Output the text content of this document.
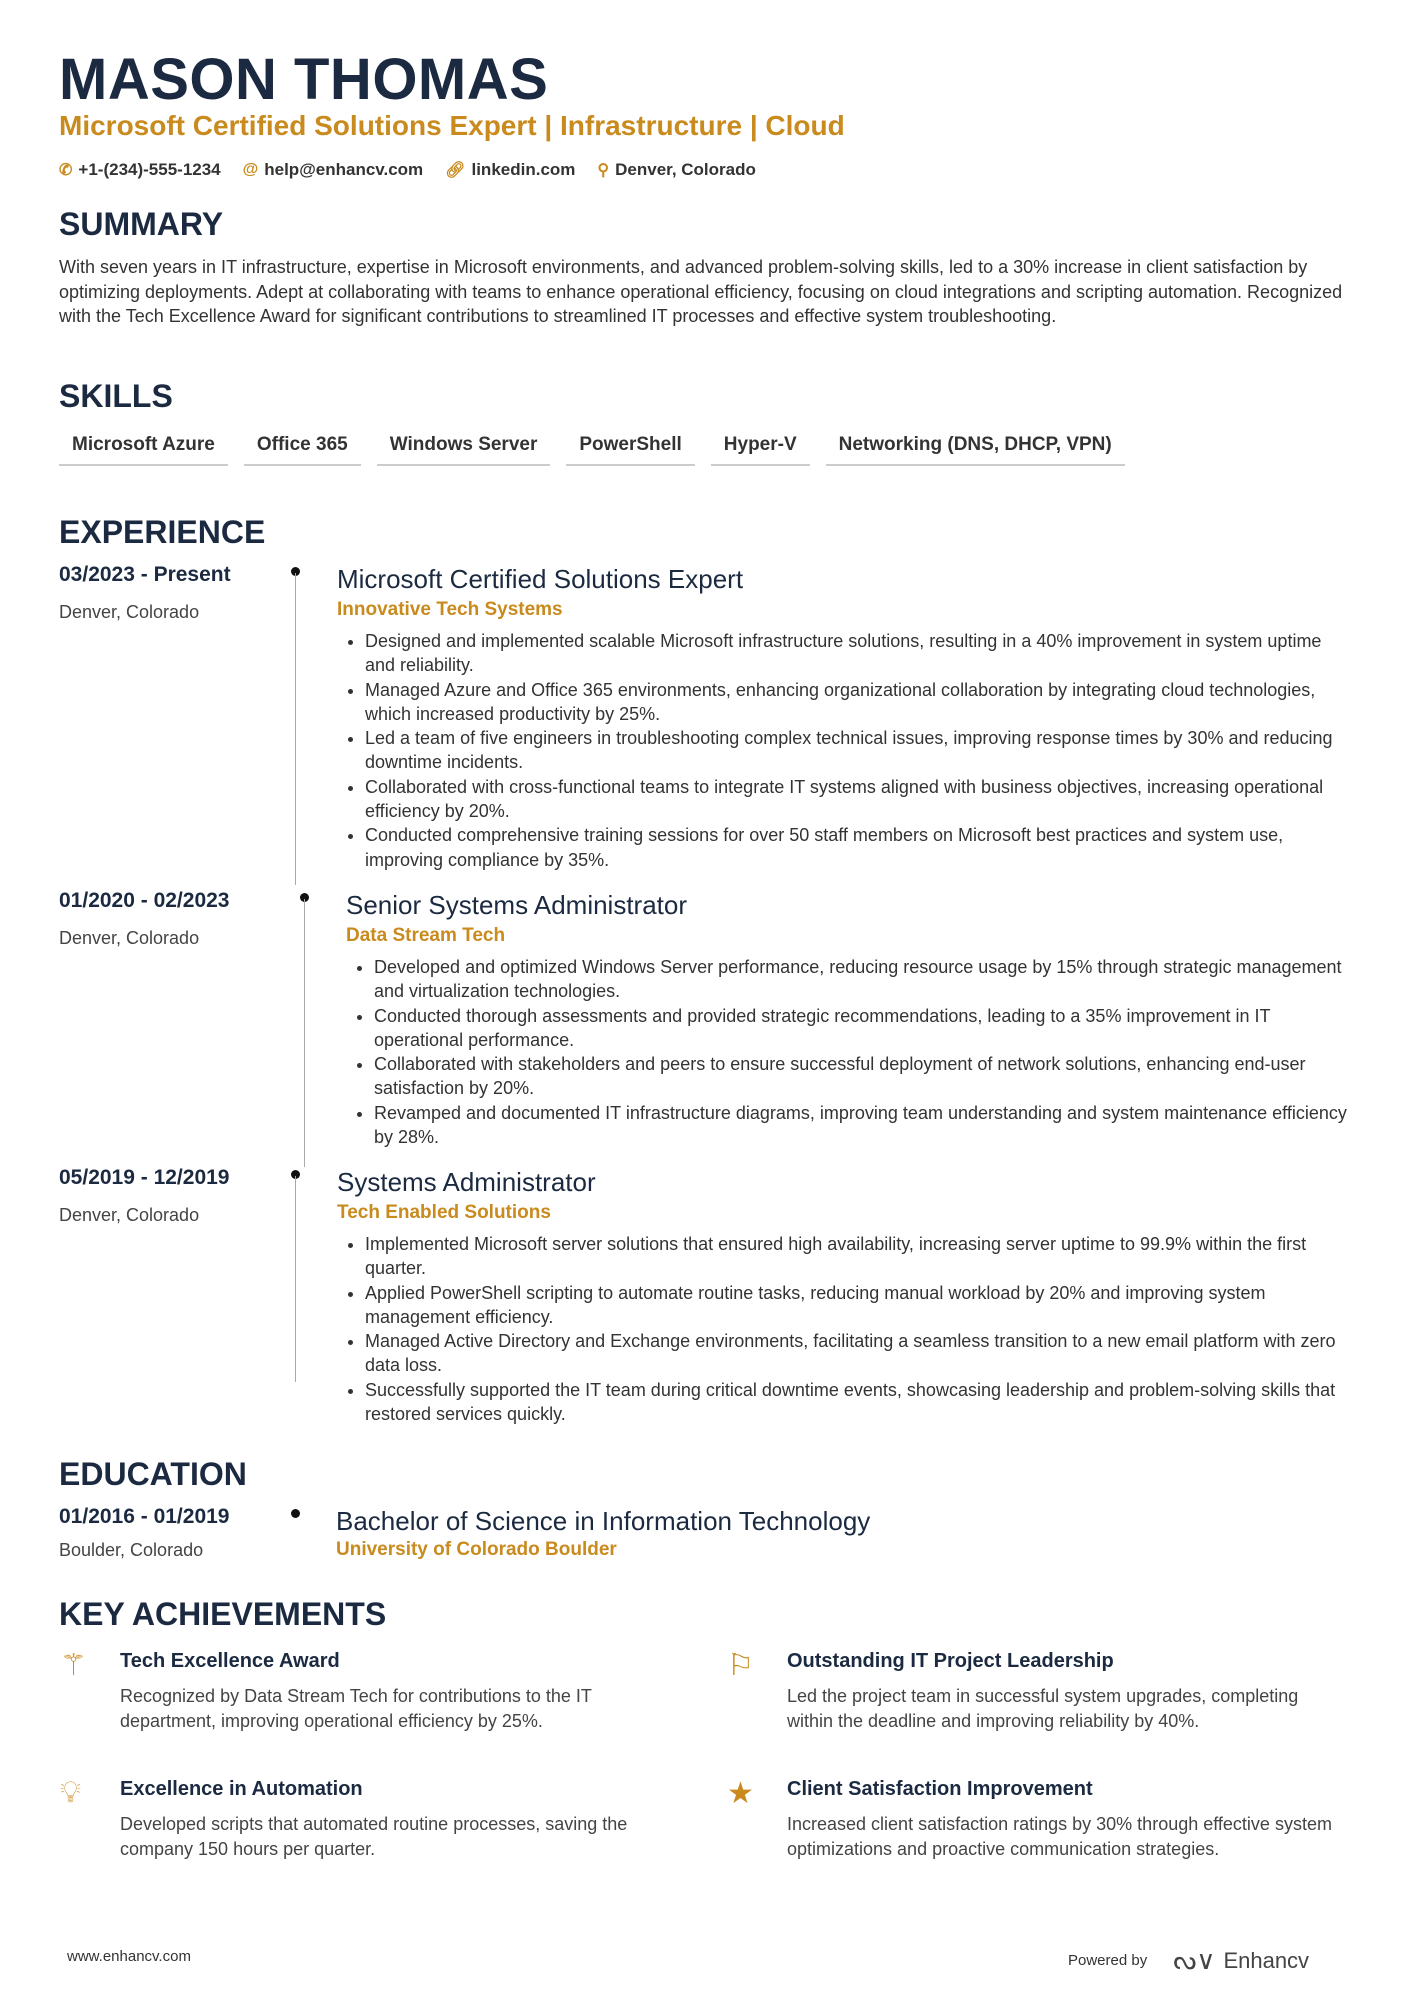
MASON THOMAS
Microsoft Certified Solutions Expert | Infrastructure | Cloud
✆ +1-(234)-555-1234 @ help@enhancv.com 🔗︎ linkedin.com ⚲ Denver, Colorado
SUMMARY
With seven years in IT infrastructure, expertise in Microsoft environments, and advanced problem-solving skills, led to a 30% increase in client satisfaction by optimizing deployments. Adept at collaborating with teams to enhance operational efficiency, focusing on cloud integrations and scripting automation. Recognized with the Tech Excellence Award for significant contributions to streamlined IT processes and effective system troubleshooting.
SKILLS
Microsoft Azure	Office 365	Windows Server	PowerShell	Hyper-V	Networking (DNS, DHCP, VPN)
EXPERIENCE
03/2023 - Present
Denver, Colorado
Microsoft Certified Solutions Expert
Innovative Tech Systems
• Designed and implemented scalable Microsoft infrastructure solutions, resulting in a 40% improvement in system uptime and reliability.
• Managed Azure and Office 365 environments, enhancing organizational collaboration by integrating cloud technologies, which increased productivity by 25%.
• Led a team of five engineers in troubleshooting complex technical issues, improving response times by 30% and reducing downtime incidents.
• Collaborated with cross-functional teams to integrate IT systems aligned with business objectives, increasing operational efficiency by 20%.
• Conducted comprehensive training sessions for over 50 staff members on Microsoft best practices and system use, improving compliance by 35%.
01/2020 - 02/2023
Denver, Colorado
Senior Systems Administrator
Data Stream Tech
• Developed and optimized Windows Server performance, reducing resource usage by 15% through strategic management and virtualization technologies.
• Conducted thorough assessments and provided strategic recommendations, leading to a 35% improvement in IT operational performance.
• Collaborated with stakeholders and peers to ensure successful deployment of network solutions, enhancing end-user satisfaction by 20%.
• Revamped and documented IT infrastructure diagrams, improving team understanding and system maintenance efficiency by 28%.
05/2019 - 12/2019
Denver, Colorado
Systems Administrator
Tech Enabled Solutions
• Implemented Microsoft server solutions that ensured high availability, increasing server uptime to 99.9% within the first quarter.
• Applied PowerShell scripting to automate routine tasks, reducing manual workload by 20% and improving system management efficiency.
• Managed Active Directory and Exchange environments, facilitating a seamless transition to a new email platform with zero data loss.
• Successfully supported the IT team during critical downtime events, showcasing leadership and problem-solving skills that restored services quickly.
EDUCATION
01/2016 - 01/2019
Boulder, Colorado
Bachelor of Science in Information Technology
University of Colorado Boulder
KEY ACHIEVEMENTS
⚚	Tech Excellence Award
Recognized by Data Stream Tech for contributions to the IT department, improving operational efficiency by 25%.
⚐	Outstanding IT Project Leadership
Led the project team in successful system upgrades, completing within the deadline and improving reliability by 40%.
💡︎	Excellence in Automation
Developed scripts that automated routine processes, saving the company 150 hours per quarter.
★	Client Satisfaction Improvement
Increased client satisfaction ratings by 30% through effective system optimizations and proactive communication strategies.
www.enhancv.com	Powered by ᔓ∨ Enhancv
